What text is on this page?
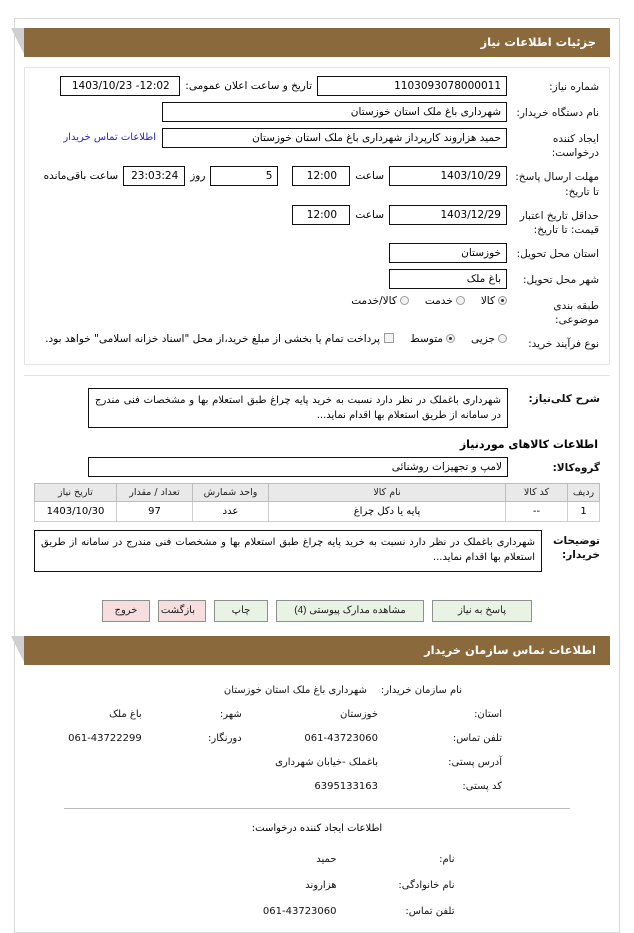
جزئیات اطلاعات نیاز
شماره نیاز:
1103093078000011
تاریخ و ساعت اعلان عمومی:
1403/10/23 -12:02
نام دستگاه خریدار:
شهرداری باغ ملک استان خوزستان
ایجاد کننده درخواست:
حمید هزاروند کارپرداز شهرداری باغ ملک استان خوزستان
اطلاعات تماس خریدار
مهلت ارسال پاسخ: تا تاریخ:
1403/10/29
ساعت
12:00
5
روز
23:03:24
ساعت باقی‌مانده
حداقل تاریخ اعتبار قیمت: تا تاریخ:
1403/12/29
ساعت
12:00
استان محل تحویل:
خوزستان
شهر محل تحویل:
باغ ملک
طبقه بندی موضوعی:
کالا
خدمت
کالا/خدمت
نوع فرآیند خرید:
جزیی
متوسط
پرداخت تمام یا بخشی از مبلغ خرید،از محل "اسناد خزانه اسلامی" خواهد بود.
شرح کلی‌نیاز:
شهرداری باغملک در نظر دارد نسبت به خرید پایه چراغ طبق استعلام بها و مشخصات فنی مندرج در سامانه از طریق استعلام بها اقدام نماید...
اطلاعات کالاهای موردنیاز
گروه‌کالا:
لامپ و تجهیزات روشنائی
ردیف	کد کالا	نام کالا	واحد شمارش	تعداد / مقدار	تاریخ نیاز
1	--	پایه یا دکل چراغ	عدد	97	1403/10/30
توضیحات خریدار:
شهرداری باغملک در نظر دارد نسبت به خرید پایه چراغ طبق استعلام بها و مشخصات فنی مندرج در سامانه از طریق استعلام بها اقدام نماید...
پاسخ به نیاز
مشاهده مدارک پیوستی (4)
چاپ
بازگشت
خروج
اطلاعات تماس سازمان خریدار
نام سازمان خریدار:
شهرداری باغ ملک استان خوزستان
استان:
خوزستان
شهر:
باغ ملک
تلفن تماس:
061-43723060
دورنگار:
061-43722299
آدرس پستی:
باغملک -خیابان شهرداری
کد پستی:
6395133163
اطلاعات ایجاد کننده درخواست:
نام:
حمید
نام خانوادگی:
هزاروند
تلفن تماس:
061-43723060
